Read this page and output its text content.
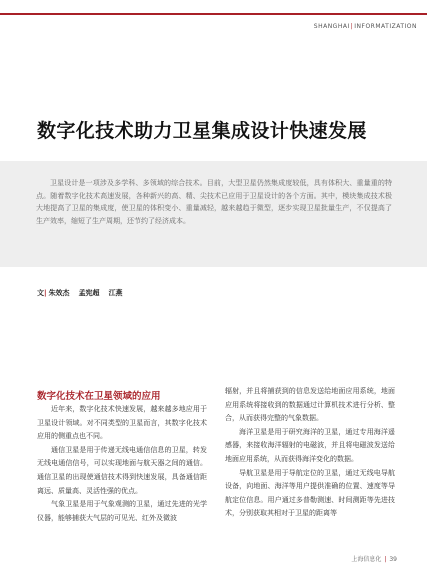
SHANGHAI|INFORMATIZATION
数字化技术助力卫星集成设计快速发展
卫星设计是一项涉及多学科、多领域的综合技术。目前，大型卫星仍然集成度较低，具有体积大、重量重的特点。随着数字化技术高速发展，各种新兴的高、精、尖技术已应用于卫星设计的各个方面。其中，模块集成技术极大地提高了卫星的集成度，使卫星的体积变小、重量减轻，越来越趋于微型，逐步实现卫星批量生产，不仅提高了生产效率，缩短了生产周期，还节约了经济成本。
文| 朱效杰 孟宪超 江燕
数字化技术在卫星领域的应用

近年来，数字化技术快速发展，越来越多地应用于卫星设计领域。对不同类型的卫星而言，其数字化技术应用的侧重点也不同。

通信卫星是用于传递无线电通信信息的卫星，转发无线电通信信号，可以实现地面与航天器之间的通信。通信卫星的出现使通信技术得到快速发展，具备通信距离远、质量高、灵活性强的优点。

气象卫星是用于气象观测的卫星，通过先进的光学仪器，能够捕获大气层的可见光、红外及微波

辐射，并且将捕获到的信息发送给地面应用系统，地面应用系统将接收到的数据通过计算机技术进行分析、整合，从而获得完整的气象数据。

海洋卫星是用于研究海洋的卫星，通过专用海洋遥感器，来接收海洋辐射的电磁波，并且将电磁波发送给地面应用系统，从而获得海洋变化的数据。

导航卫星是用于导航定位的卫星，通过无线电导航设备，向地面、海洋等用户提供准确的位置、速度等导航定位信息。用户通过多普勒测速、时间测距等先进技术，分别获取其相对于卫星的距离等

上海信息化 | 39
